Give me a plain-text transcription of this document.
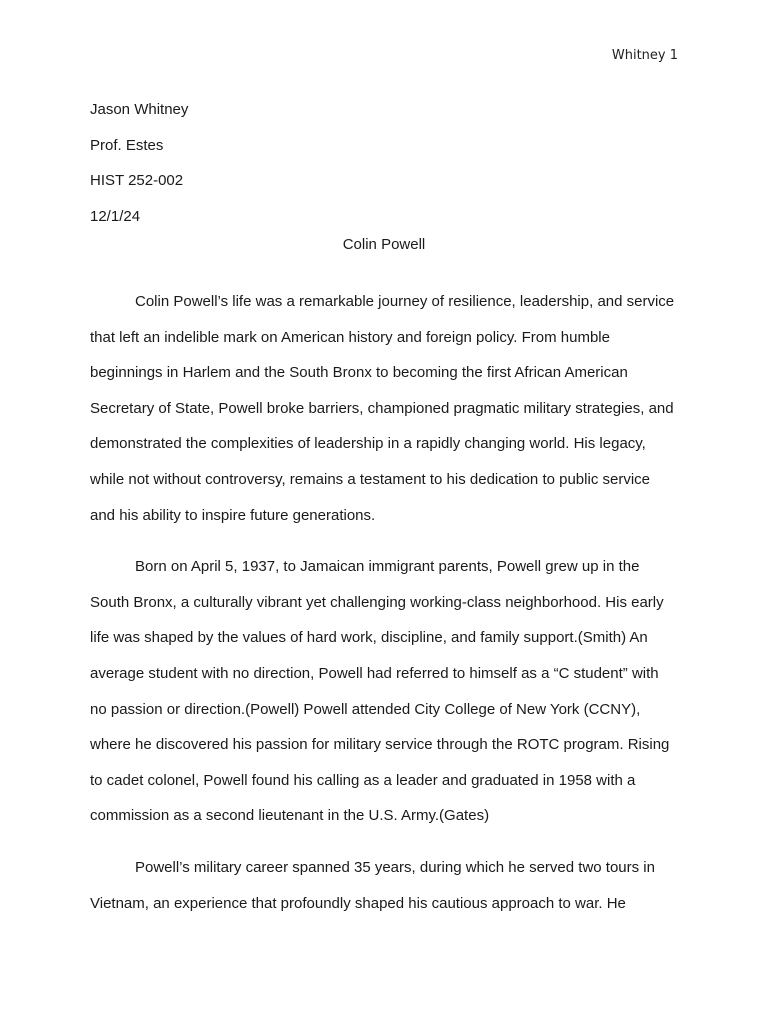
Whitney 1
Jason Whitney
Prof. Estes
HIST 252-002
12/1/24
Colin Powell
Colin Powell’s life was a remarkable journey of resilience, leadership, and service
that left an indelible mark on American history and foreign policy. From humble
beginnings in Harlem and the South Bronx to becoming the first African American
Secretary of State, Powell broke barriers, championed pragmatic military strategies, and
demonstrated the complexities of leadership in a rapidly changing world. His legacy,
while not without controversy, remains a testament to his dedication to public service
and his ability to inspire future generations.
Born on April 5, 1937, to Jamaican immigrant parents, Powell grew up in the
South Bronx, a culturally vibrant yet challenging working-class neighborhood. His early
life was shaped by the values of hard work, discipline, and family support.(Smith) An
average student with no direction, Powell had referred to himself as a “C student” with
no passion or direction.(Powell) Powell attended City College of New York (CCNY),
where he discovered his passion for military service through the ROTC program. Rising
to cadet colonel, Powell found his calling as a leader and graduated in 1958 with a
commission as a second lieutenant in the U.S. Army.(Gates)
Powell’s military career spanned 35 years, during which he served two tours in
Vietnam, an experience that profoundly shaped his cautious approach to war. He
